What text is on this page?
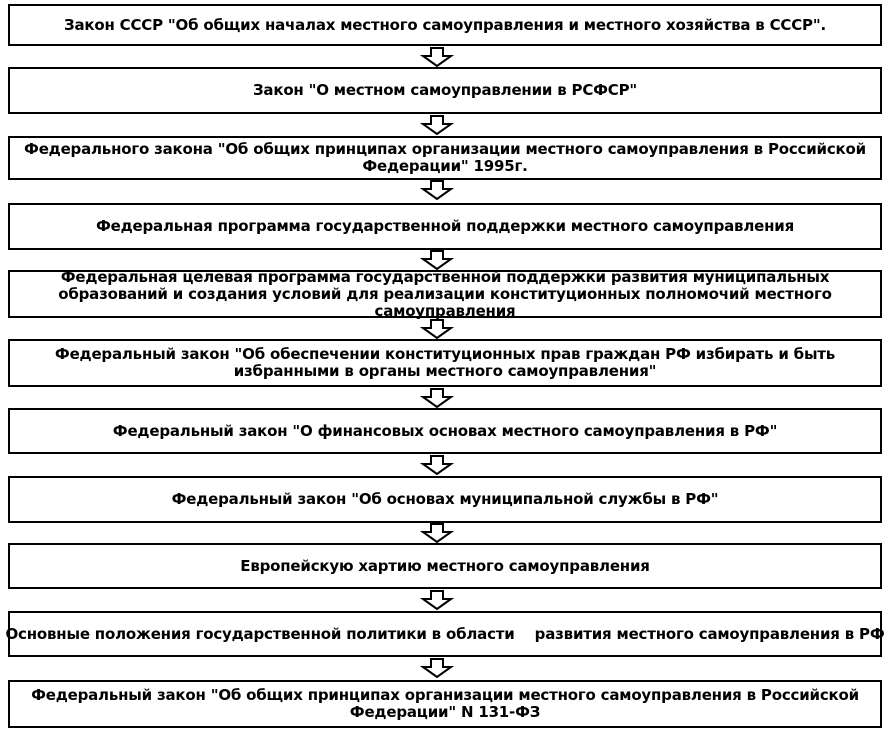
Закон СССР "Об общих началах местного самоуправления и местного хозяйства в СССР".
Закон "О местном самоуправлении в РСФСР"
Федерального закона "Об общих принципах организации местного самоуправления в Российской Федерации" 1995г.
Федеральная программа государственной поддержки местного самоуправления
Федеральная целевая программа государственной поддержки развития муниципальных образований и создания условий для реализации конституционных полномочий местного самоуправления
Федеральный закон "Об обеспечении конституционных прав граждан РФ избирать и быть избранными в органы местного самоуправления"
Федеральный закон "О финансовых основах местного самоуправления в РФ"
Федеральный закон "Об основах муниципальной службы в РФ"
Европейскую хартию местного самоуправления
Основные положения государственной политики в области    развития местного самоуправления в РФ
Федеральный закон "Об общих принципах организации местного самоуправления в Российской Федерации" N 131-ФЗ
